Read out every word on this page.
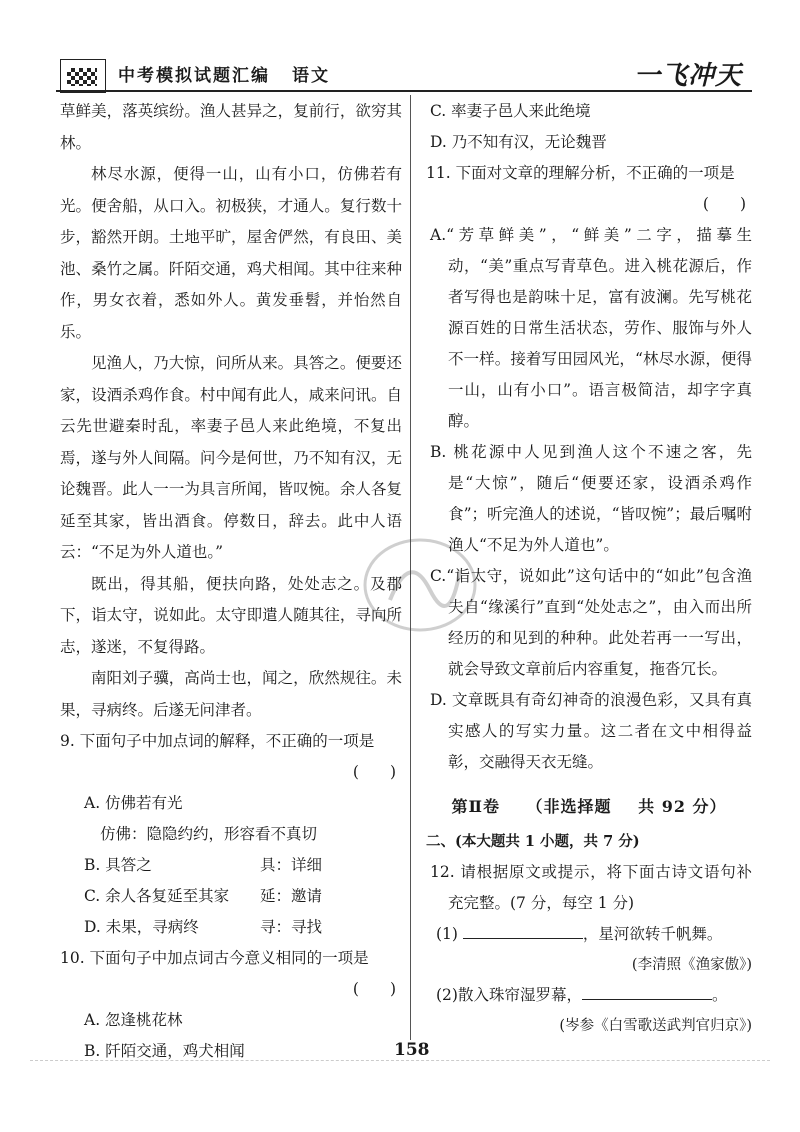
中考模拟试题汇编 语文	一飞冲天

草鲜美，落英缤纷。渔人甚异之，复前行，欲穷其林。

林尽水源，便得一山，山有小口，仿佛若有光。便舍船，从口入。初极狭，才通人。复行数十步，豁然开朗。土地平旷，屋舍俨然，有良田、美池、桑竹之属。阡陌交通，鸡犬相闻。其中往来种作，男女衣着，悉如外人。黄发垂髫，并怡然自乐。

见渔人，乃大惊，问所从来。具答之。便要还家，设酒杀鸡作食。村中闻有此人，咸来问讯。自云先世避秦时乱，率妻子邑人来此绝境，不复出焉，遂与外人间隔。问今是何世，乃不知有汉，无论魏晋。此人一一为具言所闻，皆叹惋。余人各复延至其家，皆出酒食。停数日，辞去。此中人语云：“不足为外人道也。”

既出，得其船，便扶向路，处处志之。及郡下，诣太守，说如此。太守即遣人随其往，寻向所志，遂迷，不复得路。

南阳刘子骥，高尚士也，闻之，欣然规往。未果，寻病终。后遂无问津者。

9. 下面句子中加点词的解释，不正确的一项是

(　　)

A. 仿佛若有光

仿佛：隐隐约约，形容看不真切

B. 具答之	具：详细
C. 余人各复延至其家	延：邀请
D. 未果，寻病终	寻：寻找

10. 下面句子中加点词古今意义相同的一项是

(　　)

A. 忽逢桃花林

B. 阡陌交通，鸡犬相闻

C. 率妻子邑人来此绝境

D. 乃不知有汉，无论魏晋

11. 下面对文章的理解分析，不正确的一项是

(　　)

A.“芳草鲜美”，“鲜美”二字，描摹生动，“美”重点写青草色。进入桃花源后，作者写得也是韵味十足，富有波澜。先写桃花源百姓的日常生活状态，劳作、服饰与外人不一样。接着写田园风光，“林尽水源，便得一山，山有小口”。语言极简洁，却字字真醇。

B. 桃花源中人见到渔人这个不速之客，先是“大惊”，随后“便要还家，设酒杀鸡作食”；听完渔人的述说，“皆叹惋”；最后嘱咐渔人“不足为外人道也”。

C.“诣太守，说如此”这句话中的“如此”包含渔夫自“缘溪行”直到“处处志之”，由入而出所经历的和见到的种种。此处若再一一写出，就会导致文章前后内容重复，拖沓冗长。

D. 文章既具有奇幻神奇的浪漫色彩，又具有真实感人的写实力量。这二者在文中相得益彰，交融得天衣无缝。

第Ⅱ卷 （非选择题 共 92 分）

二、(本大题共 1 小题，共 7 分)

12. 请根据原文或提示，将下面古诗文语句补充完整。(7 分，每空 1 分)

(1)	，星河欲转千帆舞。

(李清照《渔家傲》)

(2)散入珠帘湿罗幕，	。

(岑参《白雪歌送武判官归京》)

158
